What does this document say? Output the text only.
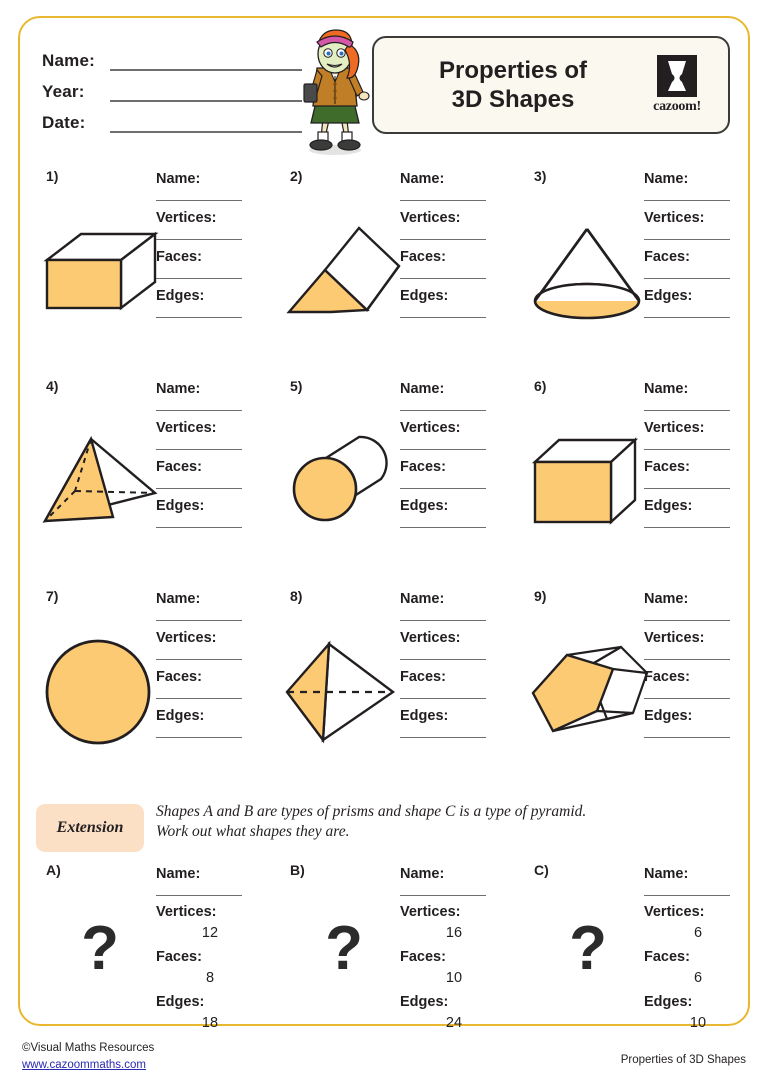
Name:
Year:
Date:
Properties of
3D Shapes	cazoom!
1)	Name:
Vertices:
Faces:
Edges:
2)	Name:
Vertices:
Faces:
Edges:
3)	Name:
Vertices:
Faces:
Edges:
4)	Name:
Vertices:
Faces:
Edges:
5)	Name:
Vertices:
Faces:
Edges:
6)	Name:
Vertices:
Faces:
Edges:
7)	Name:
Vertices:
Faces:
Edges:
8)	Name:
Vertices:
Faces:
Edges:
9)	Name:
Vertices:
Faces:
Edges:
Extension
Shapes A and B are types of prisms and shape C is a type of pyramid.
Work out what shapes they are.
A)
?
Name:
Vertices:
12
Faces:
8
Edges:
18
B)
?
Name:
Vertices:
16
Faces:
10
Edges:
24
C)
?
Name:
Vertices:
6
Faces:
6
Edges:
10
©Visual Maths Resources
www.cazoommaths.com	Properties of 3D Shapes
